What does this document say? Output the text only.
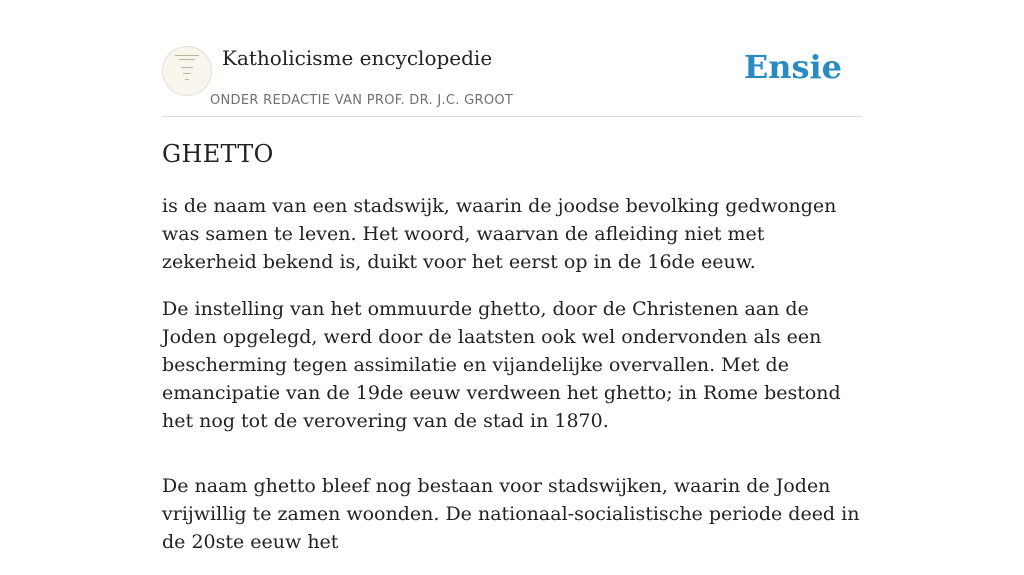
Katholicisme encyclopedie
ONDER REDACTIE VAN PROF. DR. J.C. GROOT
Ensie
GHETTO

is de naam van een stadswijk, waarin de joodse bevolking gedwongen was samen te leven. Het woord, waarvan de afleiding niet met zekerheid bekend is, duikt voor het eerst op in de 16de eeuw.

De instelling van het ommuurde ghetto, door de Christenen aan de Joden opgelegd, werd door de laatsten ook wel ondervonden als een bescherming tegen assimilatie en vijandelijke overvallen. Met de emancipatie van de 19de eeuw verdween het ghetto; in Rome bestond het nog tot de verovering van de stad in 1870.

De naam ghetto bleef nog bestaan voor stadswijken, waarin de Joden vrijwillig te zamen woonden. De nationaal-socialistische periode deed in de 20ste eeuw het
